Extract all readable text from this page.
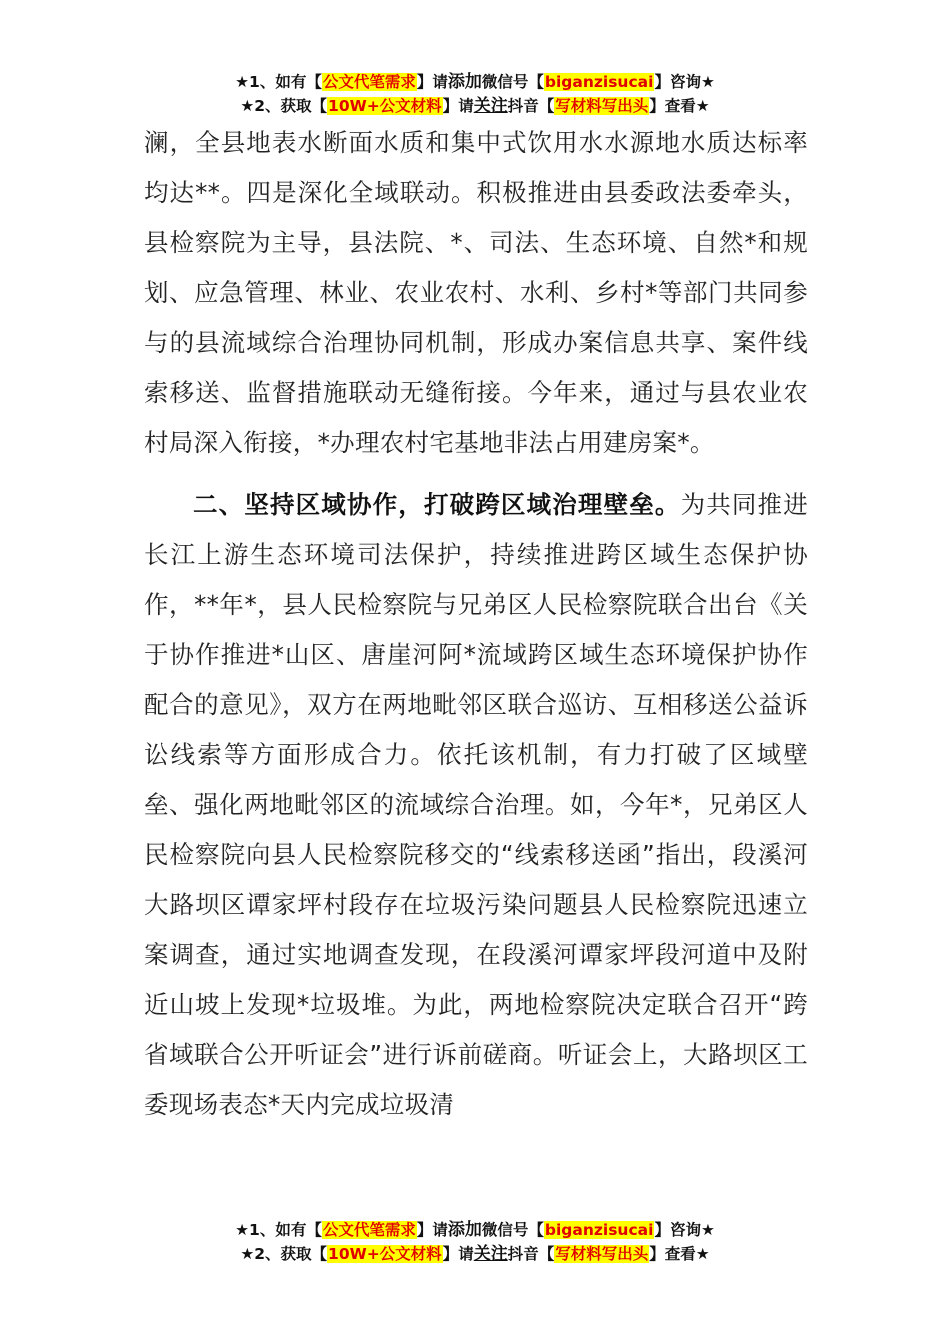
★1、如有【公文代笔需求】请添加微信号【biganzisucai】咨询★
★2、获取【10W+公文材料】请关注抖音【写材料写出头】查看★

澜，全县地表水断面水质和集中式饮用水水源地水质达标率均达**。四是深化全域联动。积极推进由县委政法委牵头，县检察院为主导，县法院、*、司法、生态环境、自然*和规划、应急管理、林业、农业农村、水利、乡村*等部门共同参与的县流域综合治理协同机制，形成办案信息共享、案件线索移送、监督措施联动无缝衔接。今年来，通过与县农业农村局深入衔接，*办理农村宅基地非法占用建房案*。

二、坚持区域协作，打破跨区域治理壁垒。为共同推进长江上游生态环境司法保护，持续推进跨区域生态保护协作，**年*，县人民检察院与兄弟区人民检察院联合出台《关于协作推进*山区、唐崖河阿*流域跨区域生态环境保护协作配合的意见》，双方在两地毗邻区联合巡访、互相移送公益诉讼线索等方面形成合力。依托该机制，有力打破了区域壁垒、强化两地毗邻区的流域综合治理。如，今年*，兄弟区人民检察院向县人民检察院移交的“线索移送函”指出，段溪河大路坝区谭家坪村段存在垃圾污染问题县人民检察院迅速立案调查，通过实地调查发现，在段溪河谭家坪段河道中及附近山坡上发现*垃圾堆。为此，两地检察院决定联合召开“跨省域联合公开听证会”进行诉前磋商。听证会上，大路坝区工委现场表态*天内完成垃圾清

★1、如有【公文代笔需求】请添加微信号【biganzisucai】咨询★
★2、获取【10W+公文材料】请关注抖音【写材料写出头】查看★
